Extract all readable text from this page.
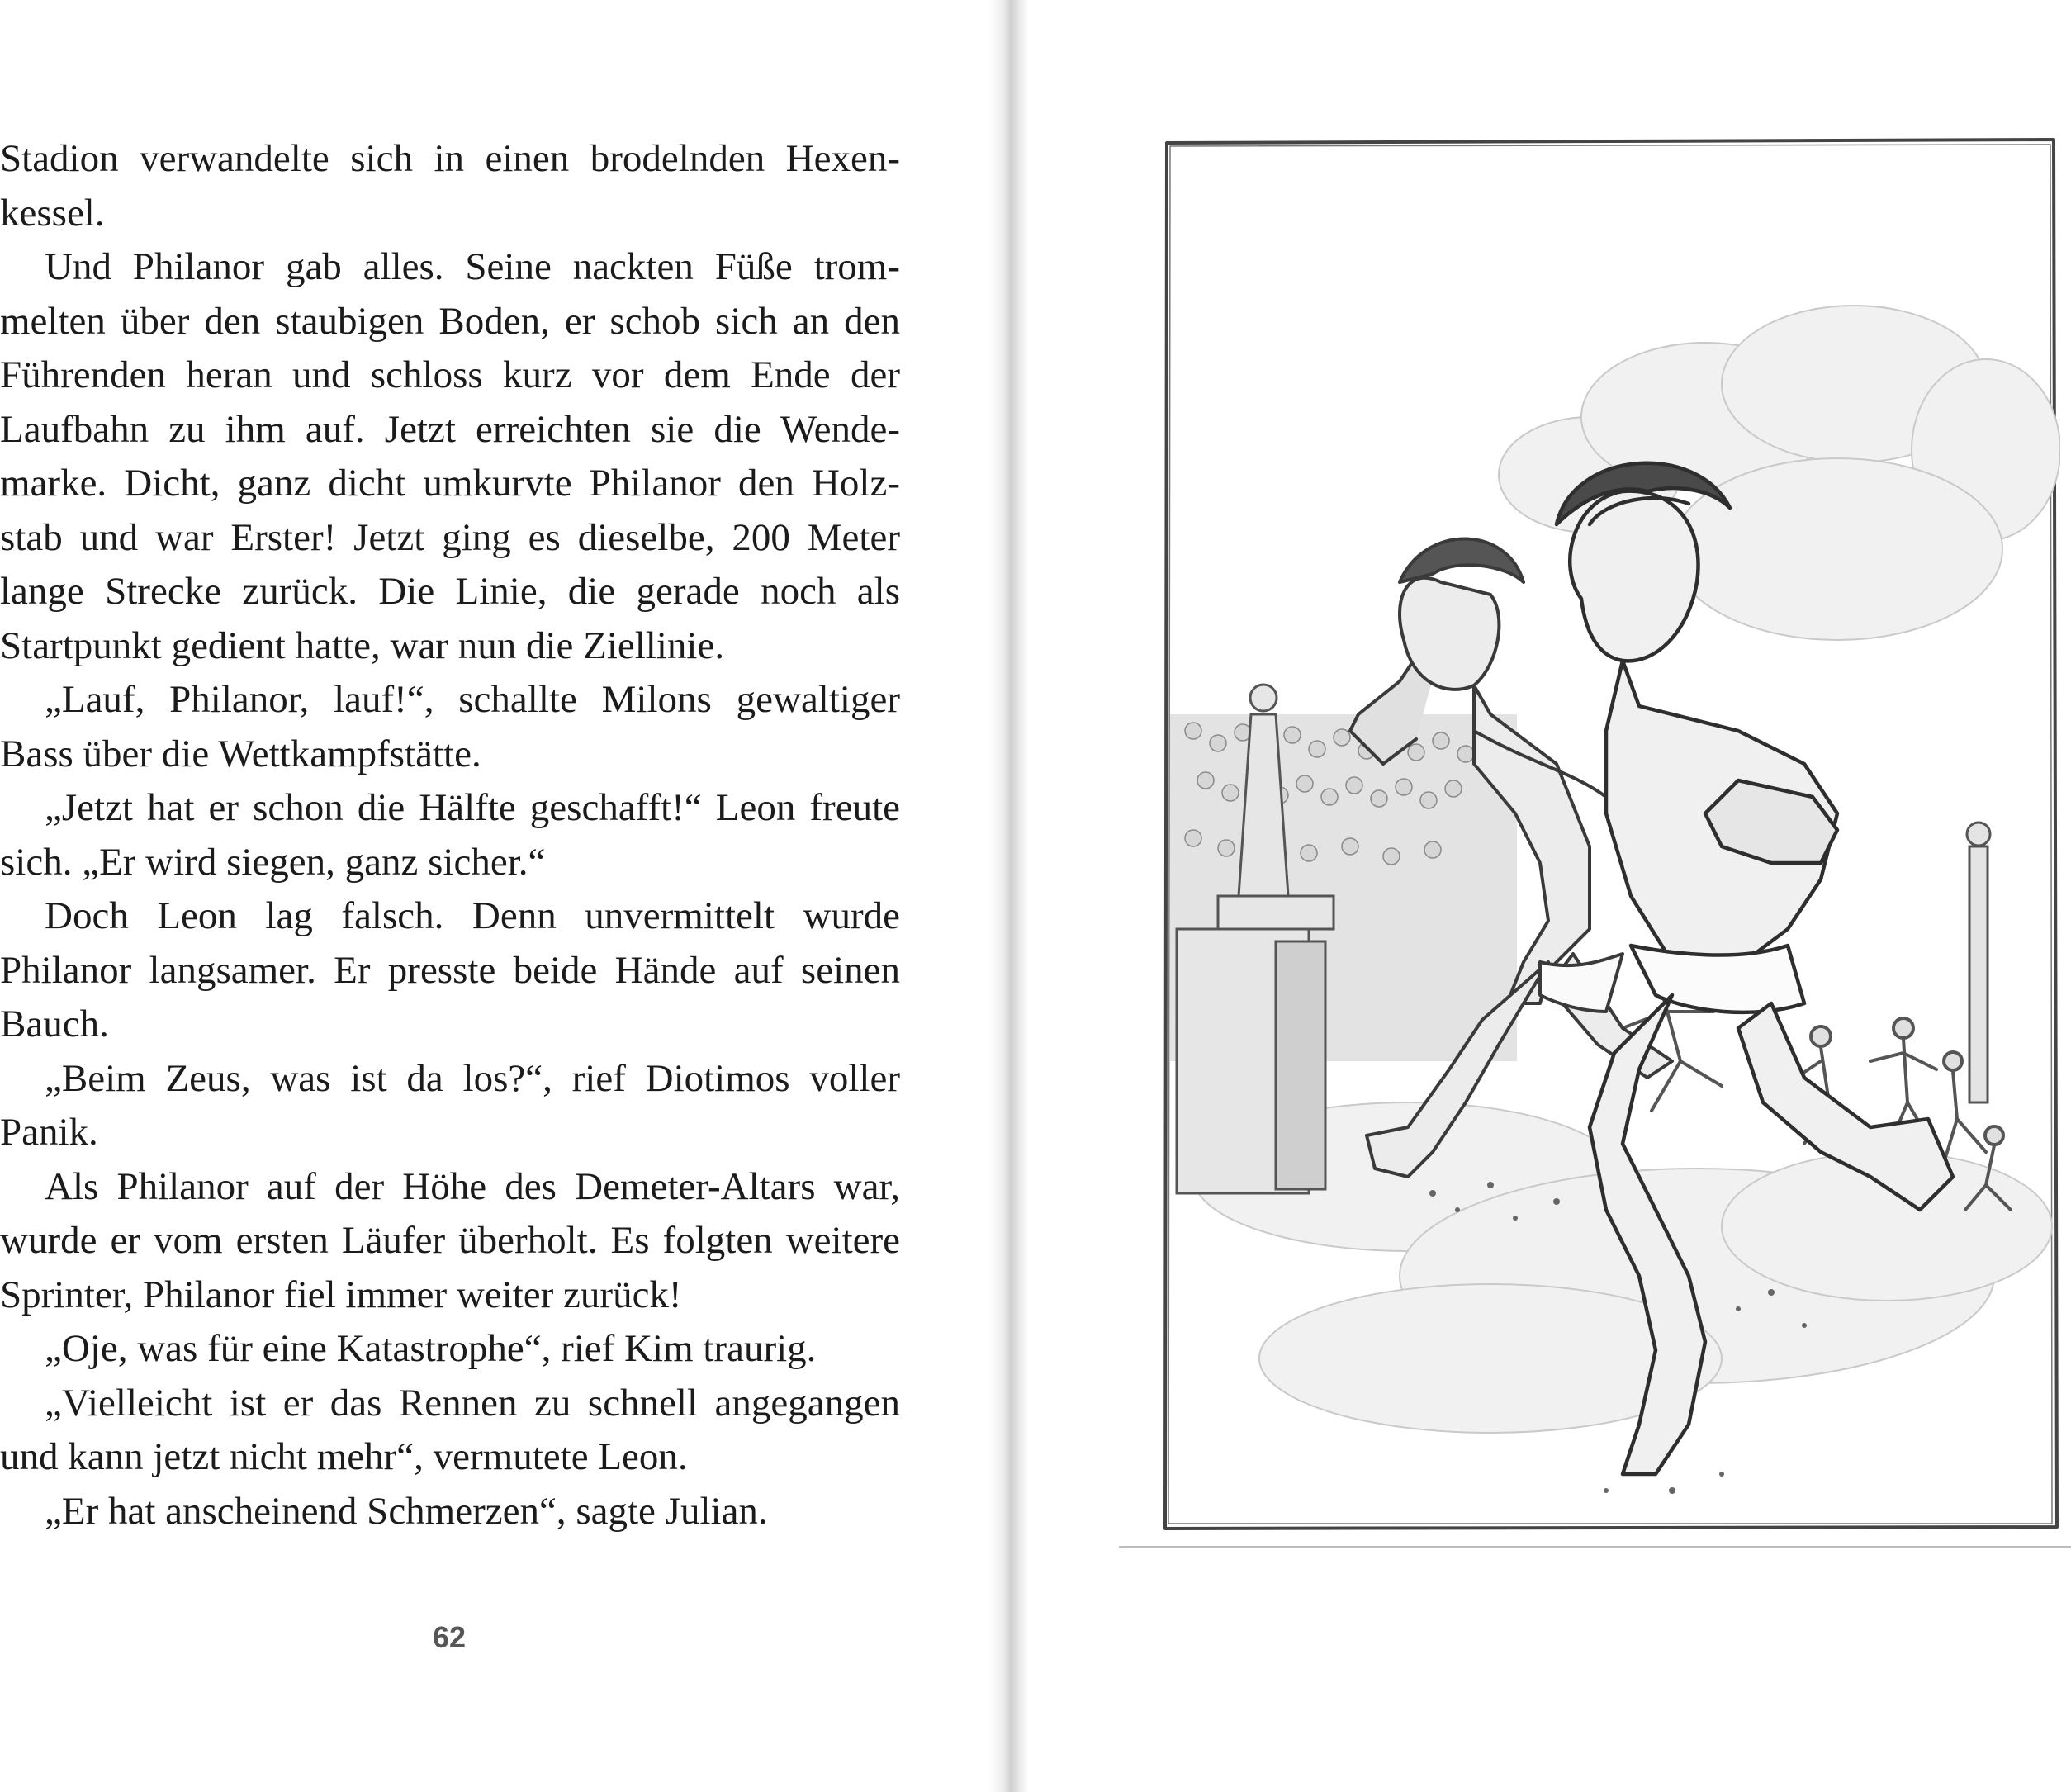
Stadion verwandelte sich in einen brodelnden Hexen-
kessel.
Und Philanor gab alles. Seine nackten Füße trom-
melten über den staubigen Boden, er schob sich an den
Führenden heran und schloss kurz vor dem Ende der
Laufbahn zu ihm auf. Jetzt erreichten sie die Wende-
marke. Dicht, ganz dicht umkurvte Philanor den Holz-
stab und war Erster! Jetzt ging es dieselbe, 200 Meter
lange Strecke zurück. Die Linie, die gerade noch als
Startpunkt gedient hatte, war nun die Ziellinie.
„Lauf, Philanor, lauf!“, schallte Milons gewaltiger
Bass über die Wettkampfstätte.
„Jetzt hat er schon die Hälfte geschafft!“ Leon freute
sich. „Er wird siegen, ganz sicher.“
Doch Leon lag falsch. Denn unvermittelt wurde
Philanor langsamer. Er presste beide Hände auf seinen
Bauch.
„Beim Zeus, was ist da los?“, rief Diotimos voller
Panik.
Als Philanor auf der Höhe des Demeter-Altars war,
wurde er vom ersten Läufer überholt. Es folgten weitere
Sprinter, Philanor fiel immer weiter zurück!
„Oje, was für eine Katastrophe“, rief Kim traurig.
„Vielleicht ist er das Rennen zu schnell angegangen
und kann jetzt nicht mehr“, vermutete Leon.
„Er hat anscheinend Schmerzen“, sagte Julian.
62
